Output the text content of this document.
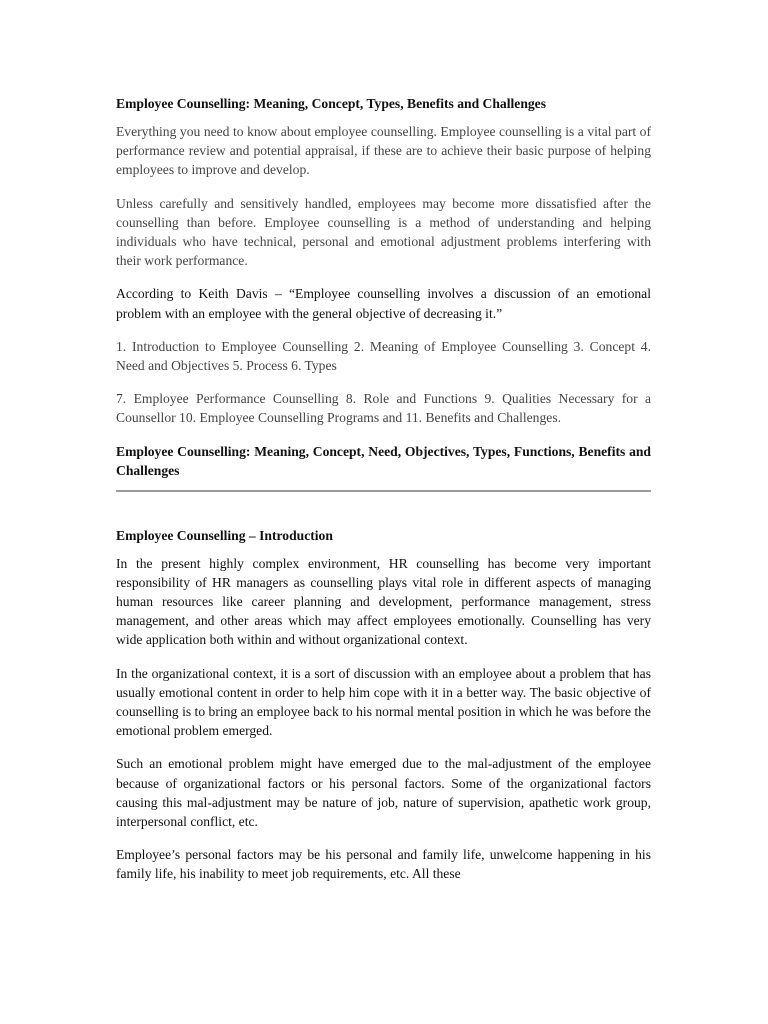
Employee Counselling: Meaning, Concept, Types, Benefits and Challenges

Everything you need to know about employee counselling. Employee counselling is a vital part of performance review and potential appraisal, if these are to achieve their basic purpose of helping employees to improve and develop.

Unless carefully and sensitively handled, employees may become more dissatisfied after the counselling than before. Employee counselling is a method of understanding and helping individuals who have technical, personal and emotional adjustment problems interfering with their work performance.

According to Keith Davis – “Employee counselling involves a discussion of an emotional problem with an employee with the general objective of decreasing it.”

1. Introduction to Employee Counselling 2. Meaning of Employee Counselling 3. Concept 4. Need and Objectives 5. Process 6. Types

7. Employee Performance Counselling 8. Role and Functions 9. Qualities Necessary for a Counsellor 10. Employee Counselling Programs and 11. Benefits and Challenges.

Employee Counselling: Meaning, Concept, Need, Objectives, Types, Functions, Benefits and Challenges
Employee Counselling – Introduction

In the present highly complex environment, HR counselling has become very important responsibility of HR managers as counselling plays vital role in different aspects of managing human resources like career planning and development, performance management, stress management, and other areas which may affect employees emotionally. Counselling has very wide application both within and without organizational context.

In the organizational context, it is a sort of discussion with an employee about a problem that has usually emotional content in order to help him cope with it in a better way. The basic objective of counselling is to bring an employee back to his normal mental position in which he was before the emotional problem emerged.

Such an emotional problem might have emerged due to the mal-adjustment of the employee because of organizational factors or his personal factors. Some of the organizational factors causing this mal-adjustment may be nature of job, nature of supervision, apathetic work group, interpersonal conflict, etc.

Employee’s personal factors may be his personal and family life, unwelcome happening in his family life, his inability to meet job requirements, etc. All these
